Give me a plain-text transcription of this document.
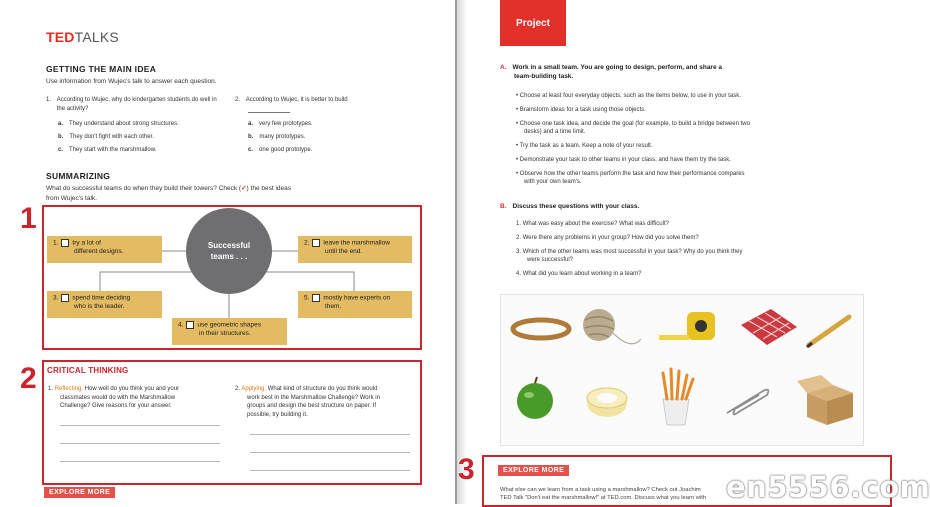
TEDTALKS
GETTING THE MAIN IDEA
Use information from Wujec's talk to answer each question.
1. According to Wujec, why do kindergarten students do well in the activity?
a. They understand about strong structures.
b. They don't fight with each other.
c. They start with the marshmallow.
2. According to Wujec, it is better to build
a. very few prototypes.
b. many prototypes.
c. one good prototype.
SUMMARIZING
What do successful teams do when they build their towers? Check (✓) the best ideas
from Wujec's talk.
Successful
teams . . .
1. try a lot of
different designs.
2. leave the marshmallow
until the end.
3. spend time deciding
who is the leader.
5. mostly have experts on
them.
4. use geometric shapes
in their structures.
1
2 CRITICAL THINKING
1. Reflecting. How well do you think you and your
classmates would do with the Marshmallow
Challenge? Give reasons for your answer.
2. Applying. What kind of structure do you think would
work best in the Marshmallow Challenge? Work in
groups and design the best structure on paper. If
possible, try building it.
EXPLORE MORE
Project
A. Work in a small team. You are going to design, perform, and share a
team-building task.
• Choose at least four everyday objects, such as the items below, to use in your task.
• Brainstorm ideas for a task using those objects.
• Choose one task idea, and decide the goal (for example, to build a bridge between two
desks) and a time limit.
• Try the task as a team. Keep a note of your result.
• Demonstrate your task to other teams in your class, and have them try the task.
• Observe how the other teams perform the task and how their performance compares
with your own team's.
B. Discuss these questions with your class.
1. What was easy about the exercise? What was difficult?
2. Were there any problems in your group? How did you solve them?
3. Which of the other teams was most successful in your task? Why do you think they
were successful?
4. What did you learn about working in a team?
3	EXPLORE MORE
What else can we learn from a task using a marshmallow? Check out Joachim
TED Talk "Don't eat the marshmallow!" at TED.com. Discuss what you learn with en5556.com
